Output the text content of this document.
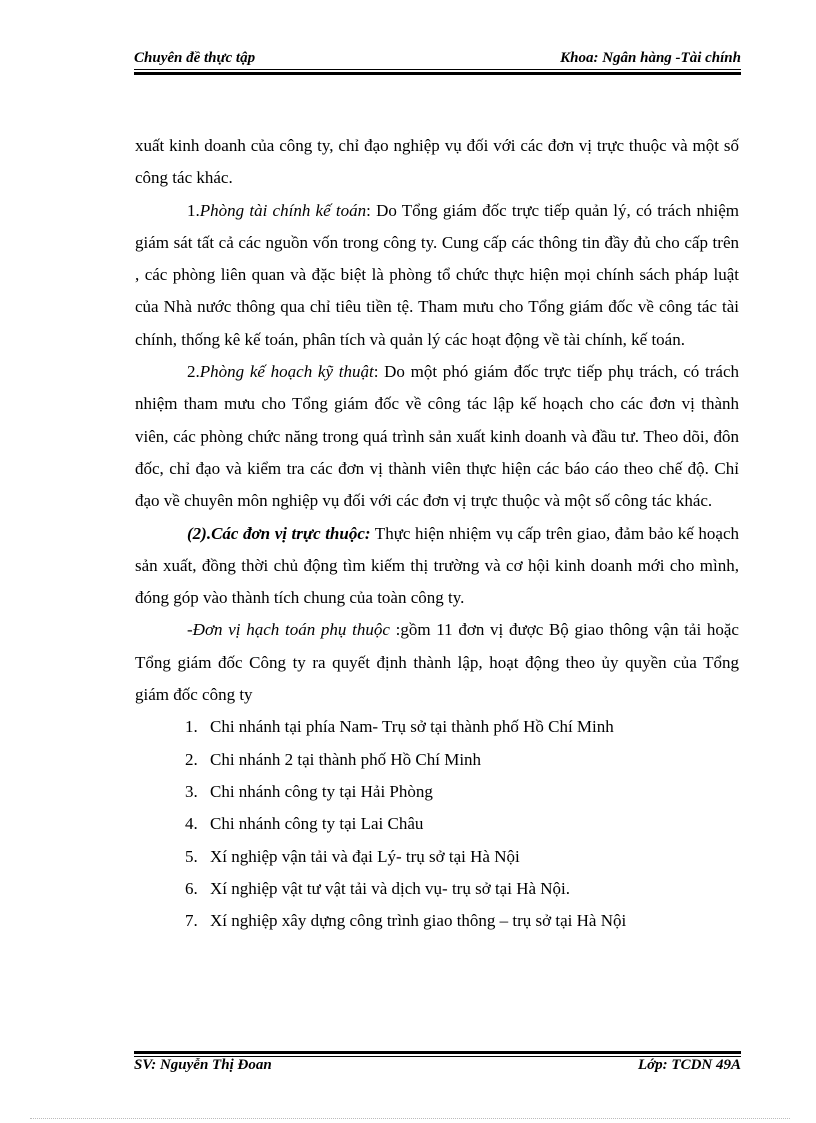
Chuyên đề thực tập	Khoa: Ngân hàng -Tài chính

xuất kinh doanh của công ty, chỉ đạo nghiệp vụ đối với các đơn vị trực thuộc và một số công tác khác.

1.Phòng tài chính kế toán: Do Tổng giám đốc trực tiếp quản lý, có trách nhiệm giám sát tất cả các nguồn vốn trong công ty. Cung cấp các thông tin đầy đủ cho cấp trên , các phòng liên quan và đặc biệt là phòng tổ chức thực hiện mọi chính sách pháp luật của Nhà nước thông qua chỉ tiêu tiền tệ. Tham mưu cho Tổng giám đốc về công tác tài chính, thống kê kế toán, phân tích và quản lý các hoạt động về tài chính, kế toán.

2.Phòng kế hoạch kỹ thuật: Do một phó giám đốc trực tiếp phụ trách, có trách nhiệm tham mưu cho Tổng giám đốc về công tác lập kế hoạch cho các đơn vị thành viên, các phòng chức năng trong quá trình sản xuất kinh doanh và đầu tư. Theo dõi, đôn đốc, chỉ đạo và kiểm tra các đơn vị thành viên thực hiện các báo cáo theo chế độ. Chỉ đạo về chuyên môn nghiệp vụ đối với các đơn vị trực thuộc và một số công tác khác.

(2).Các đơn vị trực thuộc: Thực hiện nhiệm vụ cấp trên giao, đảm bảo kế hoạch sản xuất, đồng thời chủ động tìm kiếm thị trường và cơ hội kinh doanh mới cho mình, đóng góp vào thành tích chung của toàn công ty.

-Đơn vị hạch toán phụ thuộc :gồm 11 đơn vị được Bộ giao thông vận tải hoặc Tổng giám đốc Công ty ra quyết định thành lập, hoạt động theo ủy quyền của Tổng giám đốc công ty

1. Chi nhánh tại phía Nam- Trụ sở tại thành phố Hồ Chí Minh
2. Chi nhánh 2 tại thành phố Hồ Chí Minh
3. Chi nhánh công ty tại Hải Phòng
4. Chi nhánh công ty tại Lai Châu
5. Xí nghiệp vận tải và đại Lý- trụ sở tại Hà Nội
6. Xí nghiệp vật tư vật tải và dịch vụ- trụ sở tại Hà Nội.
7. Xí nghiệp xây dựng công trình giao thông – trụ sở tại Hà Nội
SV: Nguyễn Thị Đoan	Lớp: TCDN 49A
